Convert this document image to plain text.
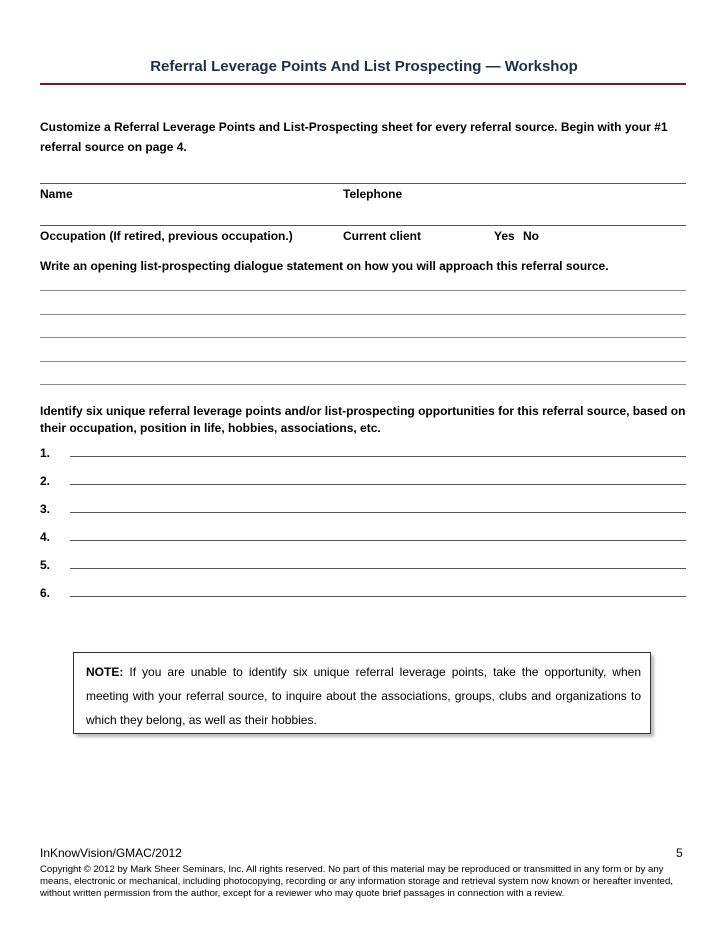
Referral Leverage Points And List Prospecting — Workshop
Customize a Referral Leverage Points and List-Prospecting sheet for every referral source. Begin with your #1 referral source on page 4.
Name	Telephone
Occupation (If retired, previous occupation.)	Current client	Yes No
Write an opening list-prospecting dialogue statement on how you will approach this referral source.
Identify six unique referral leverage points and/or list-prospecting opportunities for this referral source, based on their occupation, position in life, hobbies, associations, etc.
1.
2.
3.
4.
5.
6.
NOTE: If you are unable to identify six unique referral leverage points, take the opportunity, when meeting with your referral source, to inquire about the associations, groups, clubs and organizations to which they belong, as well as their hobbies.
InKnowVision/GMAC/2012	5
Copyright © 2012 by Mark Sheer Seminars, Inc. All rights reserved. No part of this material may be reproduced or transmitted in any form or by any means, electronic or mechanical, including photocopying, recording or any information storage and retrieval system now known or hereafter invented, without written permission from the author, except for a reviewer who may quote brief passages in connection with a review.
